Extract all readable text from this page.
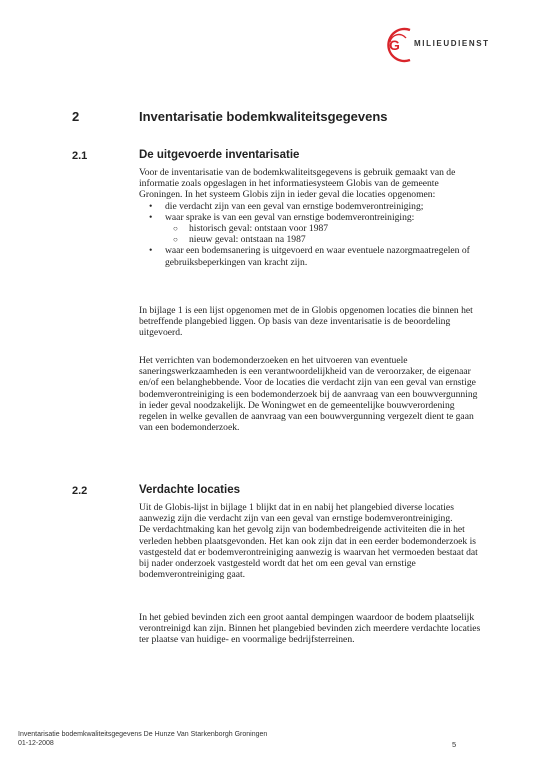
G MILIEUDIENST
2	Inventarisatie bodemkwaliteitsgegevens
2.1	De uitgevoerde inventarisatie

Voor de inventarisatie van de bodemkwaliteitsgegevens is gebruik gemaakt van de informatie zoals opgeslagen in het informatiesysteem Globis van de gemeente Groningen. In het systeem Globis zijn in ieder geval die locaties opgenomen:

• die verdacht zijn van een geval van ernstige bodemverontreiniging;
• waar sprake is van een geval van ernstige bodemverontreiniging:
○ historisch geval: ontstaan voor 1987
○ nieuw geval: ontstaan na 1987
• waar een bodemsanering is uitgevoerd en waar eventuele nazorgmaatregelen of gebruiksbeperkingen van kracht zijn.

In bijlage 1 is een lijst opgenomen met de in Globis opgenomen locaties die binnen het betreffende plangebied liggen. Op basis van deze inventarisatie is de beoordeling uitgevoerd.

Het verrichten van bodemonderzoeken en het uitvoeren van eventuele saneringswerkzaamheden is een verantwoordelijkheid van de veroorzaker, de eigenaar en/of een belanghebbende. Voor de locaties die verdacht zijn van een geval van ernstige bodemverontreiniging is een bodemonderzoek bij de aanvraag van een bouwvergunning in ieder geval noodzakelijk. De Woningwet en de gemeentelijke bouwverordening regelen in welke gevallen de aanvraag van een bouwvergunning vergezelt dient te gaan van een bodemonderzoek.

2.2	Verdachte locaties

Uit de Globis-lijst in bijlage 1 blijkt dat in en nabij het plangebied diverse locaties aanwezig zijn die verdacht zijn van een geval van ernstige bodemverontreiniging.

De verdachtmaking kan het gevolg zijn van bodembedreigende activiteiten die in het verleden hebben plaatsgevonden. Het kan ook zijn dat in een eerder bodemonderzoek is vastgesteld dat er bodemverontreiniging aanwezig is waarvan het vermoeden bestaat dat bij nader onderzoek vastgesteld wordt dat het om een geval van ernstige bodemverontreiniging gaat.

In het gebied bevinden zich een groot aantal dempingen waardoor de bodem plaatselijk verontreinigd kan zijn. Binnen het plangebied bevinden zich meerdere verdachte locaties ter plaatse van huidige- en voormalige bedrijfsterreinen.

Inventarisatie bodemkwaliteitsgegevens De Hunze Van Starkenborgh Groningen
01-12-2008	5
